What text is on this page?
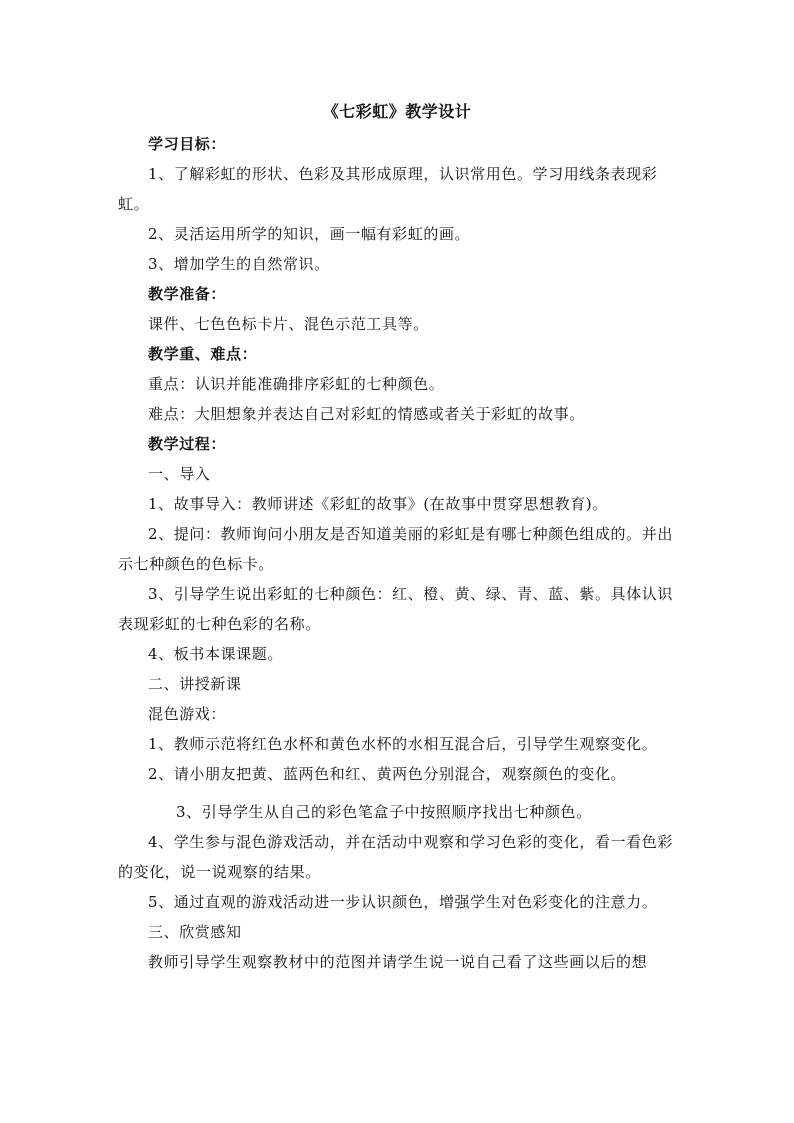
《七彩虹》教学设计

学习目标：

1、了解彩虹的形状、色彩及其形成原理，认识常用色。学习用线条表现彩虹。

2、灵活运用所学的知识，画一幅有彩虹的画。

3、增加学生的自然常识。

教学准备：

课件、七色色标卡片、混色示范工具等。

教学重、难点：

重点：认识并能准确排序彩虹的七种颜色。

难点：大胆想象并表达自己对彩虹的情感或者关于彩虹的故事。

教学过程：

一、导入

1、故事导入：教师讲述《彩虹的故事》(在故事中贯穿思想教育)。

2、提问：教师询问小朋友是否知道美丽的彩虹是有哪七种颜色组成的。并出示七种颜色的色标卡。

3、引导学生说出彩虹的七种颜色：红、橙、黄、绿、青、蓝、紫。具体认识表现彩虹的七种色彩的名称。

4、板书本课课题。

二、讲授新课

混色游戏：

1、教师示范将红色水杯和黄色水杯的水相互混合后，引导学生观察变化。

2、请小朋友把黄、蓝两色和红、黄两色分别混合，观察颜色的变化。

3、引导学生从自己的彩色笔盒子中按照顺序找出七种颜色。

4、学生参与混色游戏活动，并在活动中观察和学习色彩的变化，看一看色彩的变化，说一说观察的结果。

5、通过直观的游戏活动进一步认识颜色，增强学生对色彩变化的注意力。

三、欣赏感知

教师引导学生观察教材中的范图并请学生说一说自己看了这些画以后的想
